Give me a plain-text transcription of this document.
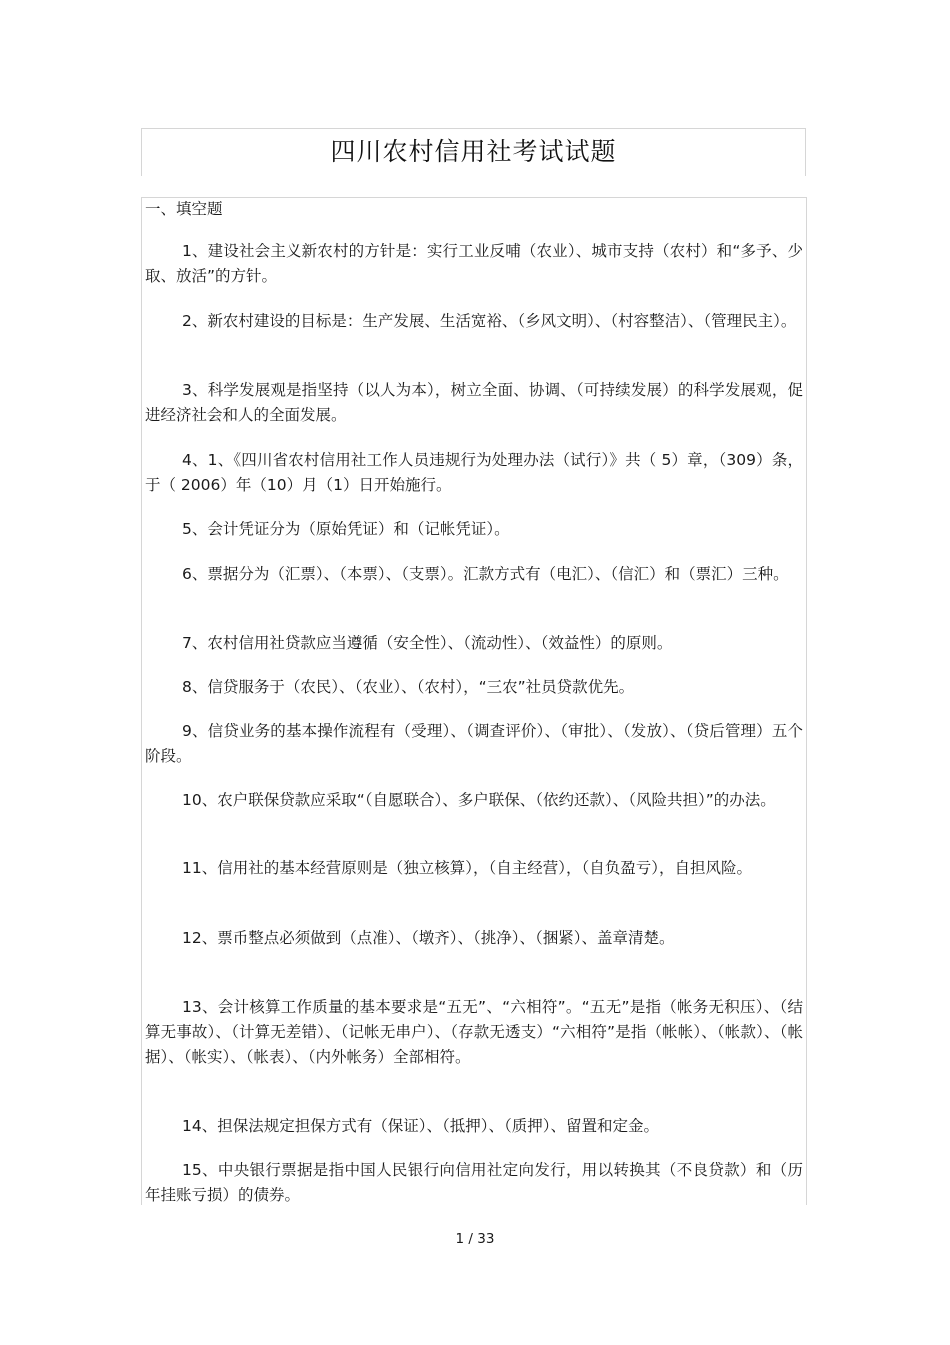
四川农村信用社考试试题
一、填空题

1、建设社会主义新农村的方针是：实行工业反哺（农业）、城市支持（农村）和“多予、少取、放活”的方针。

2、新农村建设的目标是：生产发展、生活宽裕、（乡风文明）、（村容整洁）、（管理民主）。

3、科学发展观是指坚持（以人为本），树立全面、协调、（可持续发展）的科学发展观，促进经济社会和人的全面发展。

4、1、《四川省农村信用社工作人员违规行为处理办法（试行）》共（ 5）章，（309）条，于（ 2006）年（10）月（1）日开始施行。

5、会计凭证分为（原始凭证）和（记帐凭证）。

6、票据分为（汇票）、（本票）、（支票）。汇款方式有（电汇）、（信汇）和（票汇）三种。

7、农村信用社贷款应当遵循（安全性）、（流动性）、（效益性）的原则。

8、信贷服务于（农民）、（农业）、（农村），“三农”社员贷款优先。

9、信贷业务的基本操作流程有（受理）、（调查评价）、（审批）、（发放）、（贷后管理）五个阶段。

10、农户联保贷款应采取“（自愿联合）、多户联保、（依约还款）、（风险共担）”的办法。

11、信用社的基本经营原则是（独立核算），（自主经营），（自负盈亏），自担风险。

12、票币整点必须做到（点准）、（墩齐）、（挑净）、（捆紧）、盖章清楚。

13、会计核算工作质量的基本要求是“五无”、“六相符”。“五无”是指（帐务无积压）、（结算无事故）、（计算无差错）、（记帐无串户）、（存款无透支）“六相符”是指（帐帐）、（帐款）、（帐据）、（帐实）、（帐表）、（内外帐务）全部相符。

14、担保法规定担保方式有（保证）、（抵押）、（质押）、留置和定金。

15、中央银行票据是指中国人民银行向信用社定向发行，用以转换其（不良贷款）和（历年挂账亏损）的债券。

1 / 33
